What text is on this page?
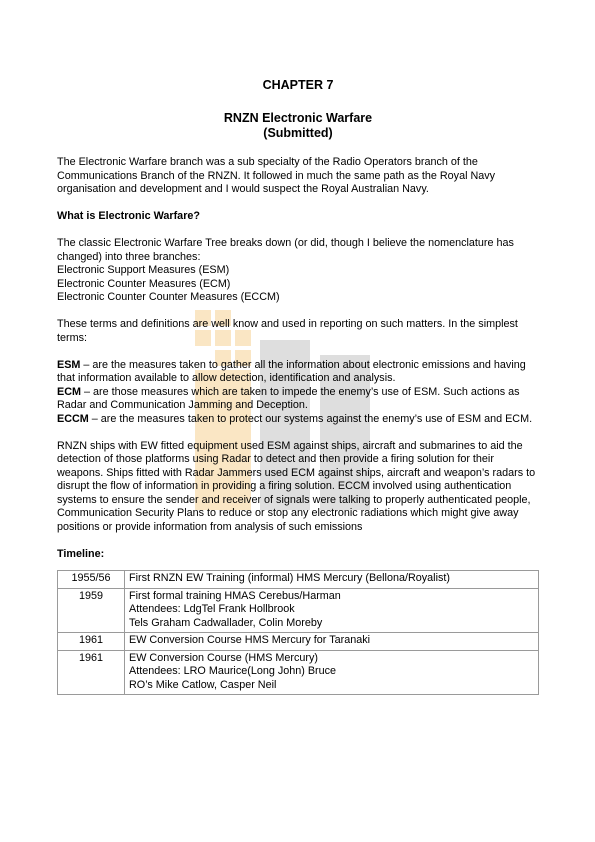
CHAPTER 7

RNZN Electronic Warfare

(Submitted)

The Electronic Warfare branch was a sub specialty of the Radio Operators branch of the Communications Branch of the RNZN. It followed in much the same path as the Royal Navy organisation and development and I would suspect the Royal Australian Navy.

What is Electronic Warfare?

The classic Electronic Warfare Tree breaks down (or did, though I believe the nomenclature has changed) into three branches:

Electronic Support Measures (ESM)

Electronic Counter Measures (ECM)

Electronic Counter Counter Measures (ECCM)

These terms and definitions are well know and used in reporting on such matters. In the simplest terms:

ESM – are the measures taken to gather all the information about electronic emissions and having that information available to allow detection, identification and analysis.

ECM – are those measures which are taken to impede the enemy’s use of ESM. Such actions as Radar and Communication Jamming and Deception.

ECCM – are the measures taken to protect our systems against the enemy’s use of ESM and ECM.

RNZN ships with EW fitted equipment used ESM against ships, aircraft and submarines to aid the detection of those platforms using Radar to detect and then provide a firing solution for their weapons. Ships fitted with Radar Jammers used ECM against ships, aircraft and weapon’s radars to disrupt the flow of information in providing a firing solution. ECCM involved using authentication systems to ensure the sender and receiver of signals were talking to properly authenticated people, Communication Security Plans to reduce or stop any electronic radiations which might give away positions or provide information from analysis of such emissions

Timeline:

1955/56	First RNZN EW Training (informal) HMS Mercury (Bellona/Royalist)

1959	First formal training HMAS Cerebus/Harman
Attendees: LdgTel Frank Hollbrook
Tels Graham Cadwallader, Colin Moreby

1961	EW Conversion Course HMS Mercury for Taranaki

1961	EW Conversion Course (HMS Mercury)
Attendees: LRO Maurice(Long John) Bruce
RO’s Mike Catlow, Casper Neil
